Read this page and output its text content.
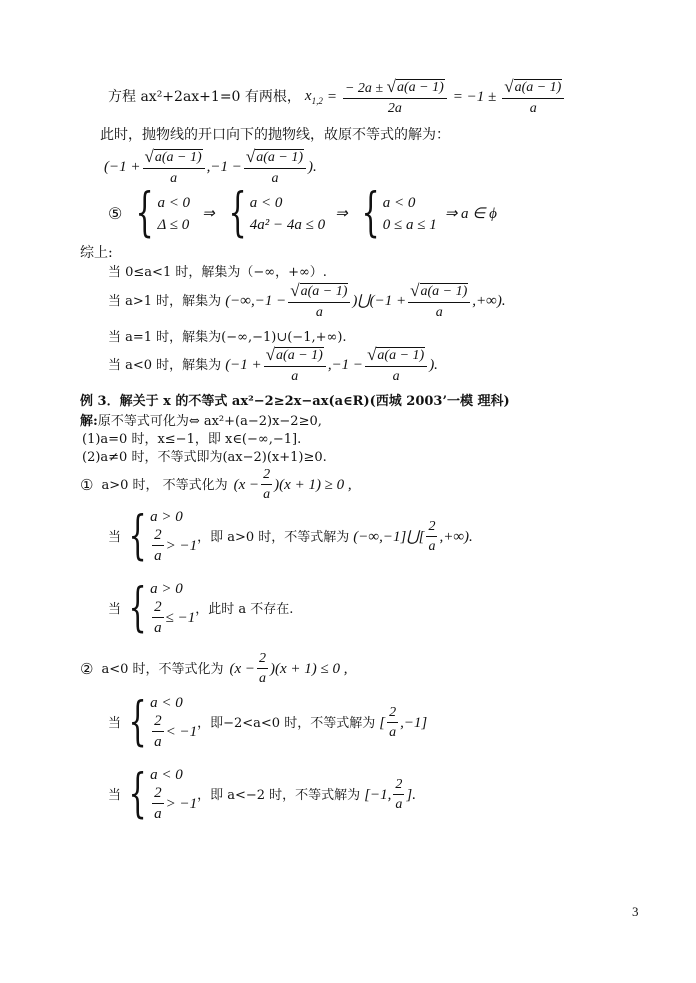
方程 ax²+2ax+1=0 有两根， $x_{1,2} = \frac{- 2a \pm √ a(a - 1)}{2a} = -1 \pm \frac{√ a(a - 1)}{a}$
此时，抛物线的开口向下的抛物线，故原不等式的解为：
($-1 + \frac{√ a(a - 1)}{a} ,-1 - \frac{√ a(a - 1)}{a}$ ).
⑤ { a < 0
Δ ≤ 0
⇒ { a < 0
4a² − 4a ≤ 0
⇒ { a < 0
0 ≤ a ≤ 1
⇒ a ∈ ϕ
综上:
当 0≤a<1 时，解集为（−∞，+∞）.
当 a>1 时，解集为 ($-\infty,-1 - \frac{√ a(a - 1)}{a}$ )⋃(−1 + $\frac{√ a(a - 1)}{a}$ ,+∞).
当 a=1 时，解集为(−∞,−1)∪(−1,+∞).
当 a<0 时，解集为 ($-1 + \frac{√ a(a - 1)}{a} ,-1 - \frac{√ a(a - 1)}{a}$ ).
例 3．解关于 x 的不等式 ax²−2≥2x−ax(a∈R)(西城 2003’一模 理科)
解:原不等式可化为⇔ ax²+(a−2)x−2≥0,
(1)a=0 时，x≤−1，即 x∈(−∞,−1].
(2)a≠0 时，不等式即为(ax−2)(x+1)≥0.
① a>0 时， 不等式化为 $(x - \frac{2}{a} )(x + 1) \ge 0$ ,
当 { a > 0
$\frac{2}{a} > -1$
，即 a>0 时，不等式解为 (−∞,−1]⋃[ $\frac{2}{a}$ ,+∞).
当 { a > 0
$\frac{2}{a} \le -1$
，此时 a 不存在.
② a<0 时，不等式化为 $(x - \frac{2}{a} )(x + 1) \le 0$ ,
当 { a < 0
$\frac{2}{a} < -1$
，即−2<a<0 时，不等式解为 [ $\frac{2}{a} ,-1$]
当 { a < 0
$\frac{2}{a} > -1$
，即 a<−2 时，不等式解为 [−1, $\frac{2}{a}$ ].
3
